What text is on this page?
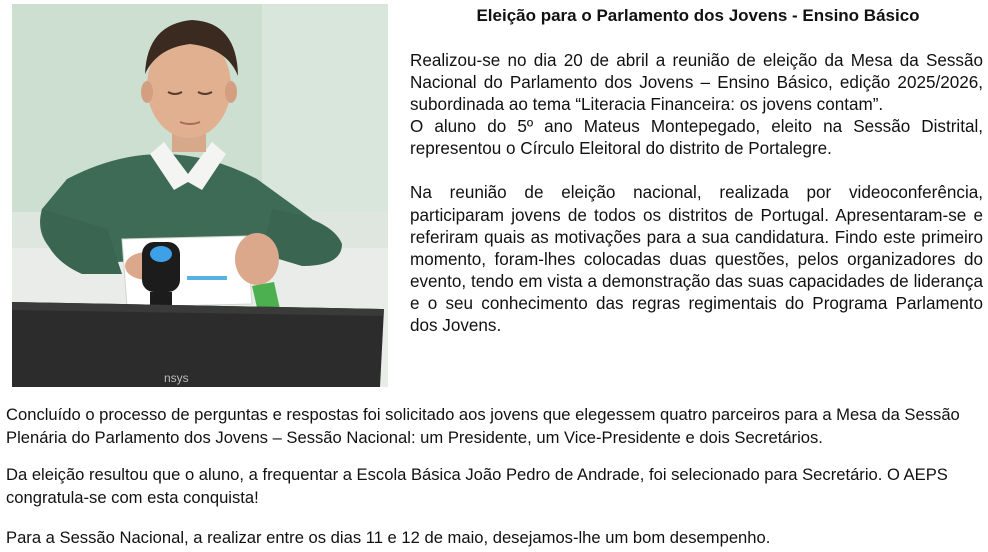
nsys
Eleição para o Parlamento dos Jovens - Ensino Básico

Realizou-se no dia 20 de abril a reunião de eleição da Mesa da Sessão Nacional do Parlamento dos Jovens – Ensino Básico, edição 2025/2026, subordinada ao tema “Literacia Financeira: os jovens contam”.

O aluno do 5º ano Mateus Montepegado, eleito na Sessão Distrital, representou o Círculo Eleitoral do distrito de Portalegre.

Na reunião de eleição nacional, realizada por videoconferência, participaram jovens de todos os distritos de Portugal. Apresentaram-se e referiram quais as motivações para a sua candidatura. Findo este primeiro momento, foram-lhes colocadas duas questões, pelos organizadores do evento, tendo em vista a demonstração das suas capacidades de liderança e o seu conhecimento das regras regimentais do Programa Parlamento dos Jovens.

Concluído o processo de perguntas e respostas foi solicitado aos jovens que elegessem quatro parceiros para a Mesa da Sessão Plenária do Parlamento dos Jovens – Sessão Nacional: um Presidente, um Vice-Presidente e dois Secretários.

Da eleição resultou que o aluno, a frequentar a Escola Básica João Pedro de Andrade, foi selecionado para Secretário. O AEPS congratula-se com esta conquista!

Para a Sessão Nacional, a realizar entre os dias 11 e 12 de maio, desejamos-lhe um bom desempenho.
